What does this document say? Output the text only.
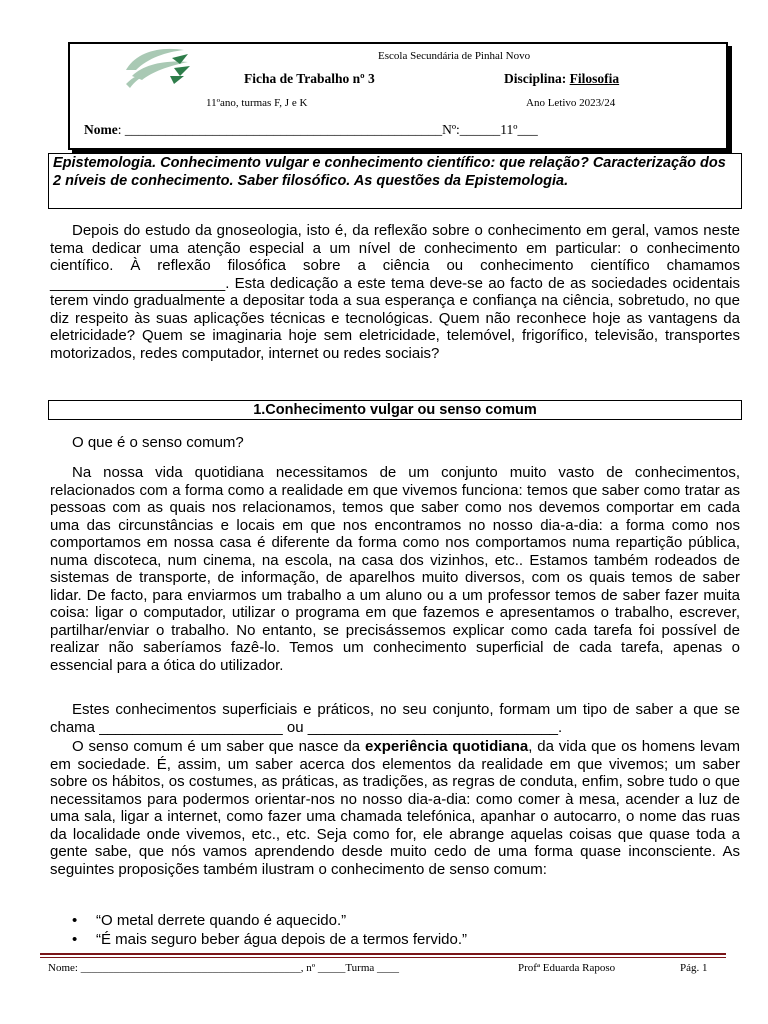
Escola Secundária de Pinhal Novo
Ficha de Trabalho nº 3	Disciplina: Filosofia
11ºano, turmas F, J e K	Ano Letivo 2023/24
Nome: _______________________________________________Nº:______11º___
Epistemologia. Conhecimento vulgar e conhecimento científico: que relação? Caracterização dos 2 níveis de conhecimento. Saber filosófico. As questões da Epistemologia.

Depois do estudo da gnoseologia, isto é, da reflexão sobre o conhecimento em geral, vamos neste tema dedicar uma atenção especial a um nível de conhecimento em particular: o conhecimento científico. À reflexão filosófica sobre a ciência ou conhecimento científico chamamos _____________________. Esta dedicação a este tema deve-se ao facto de as sociedades ocidentais terem vindo gradualmente a depositar toda a sua esperança e confiança na ciência, sobretudo, no que diz respeito às suas aplicações técnicas e tecnológicas. Quem não reconhece hoje as vantagens da eletricidade? Quem se imaginaria hoje sem eletricidade, telemóvel, frigorífico, televisão, transportes motorizados, redes computador, internet ou redes sociais?

1.Conhecimento vulgar ou senso comum

O que é o senso comum?

Na nossa vida quotidiana necessitamos de um conjunto muito vasto de conhecimentos, relacionados com a forma como a realidade em que vivemos funciona: temos que saber como tratar as pessoas com as quais nos relacionamos, temos que saber como nos devemos comportar em cada uma das circunstâncias e locais em que nos encontramos no nosso dia-a-dia: a forma como nos comportamos em nossa casa é diferente da forma como nos comportamos numa repartição pública, numa discoteca, num cinema, na escola, na casa dos vizinhos, etc.. Estamos também rodeados de sistemas de transporte, de informação, de aparelhos muito diversos, com os quais temos de saber lidar. De facto, para enviarmos um trabalho a um aluno ou a um professor temos de saber fazer muita coisa: ligar o computador, utilizar o programa em que fazemos e apresentamos o trabalho, escrever, partilhar/enviar o trabalho. No entanto, se precisássemos explicar como cada tarefa foi possível de realizar não saberíamos fazê-lo. Temos um conhecimento superficial de cada tarefa, apenas o essencial para a ótica do utilizador.

Estes conhecimentos superficiais e práticos, no seu conjunto, formam um tipo de saber a que se chama ______________________ ou ______________________________.

O senso comum é um saber que nasce da experiência quotidiana, da vida que os homens levam em sociedade. É, assim, um saber acerca dos elementos da realidade em que vivemos; um saber sobre os hábitos, os costumes, as práticas, as tradições, as regras de conduta, enfim, sobre tudo o que necessitamos para podermos orientar-nos no nosso dia-a-dia: como comer à mesa, acender a luz de uma sala, ligar a internet, como fazer uma chamada telefónica, apanhar o autocarro, o nome das ruas da localidade onde vivemos, etc., etc. Seja como for, ele abrange aquelas coisas que quase toda a gente sabe, que nós vamos aprendendo desde muito cedo de uma forma quase inconsciente. As seguintes proposições também ilustram o conhecimento de senso comum:

• “O metal derrete quando é aquecido.”
• “É mais seguro beber água depois de a termos fervido.”
Nome: ________________________________________, nº _____Turma ____	Profª Eduarda Raposo	Pág. 1
